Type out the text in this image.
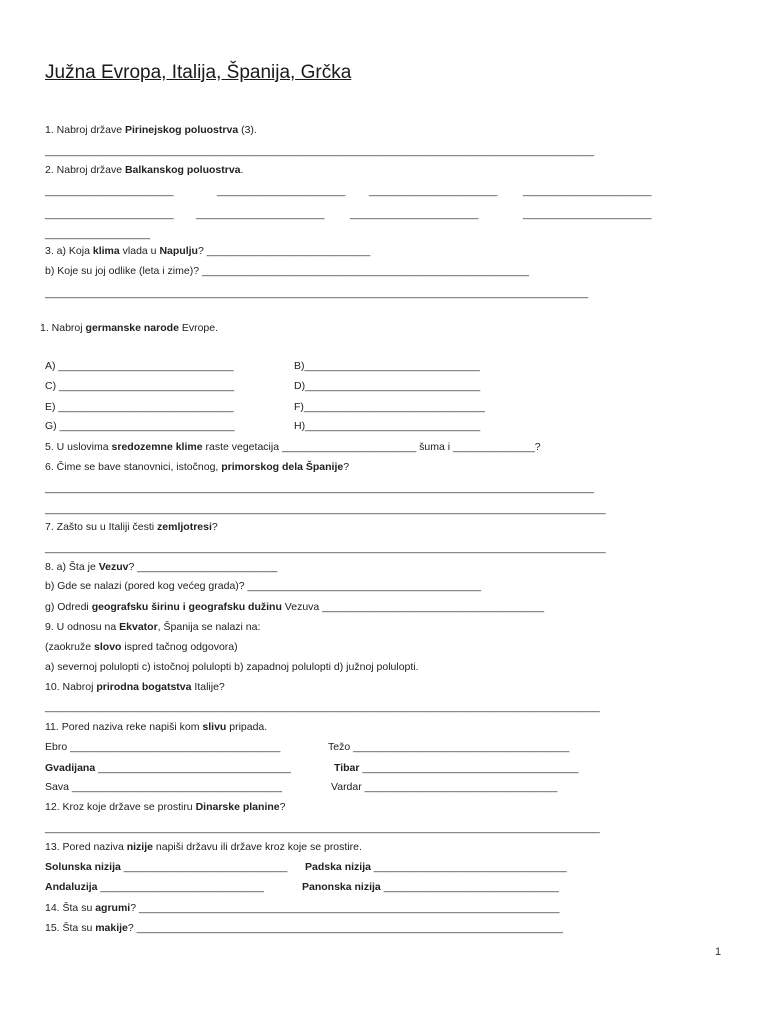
Južna Evropa, Italija, Španija, Grčka
1. Nabroj države Pirinejskog poluostrva (3).
______________________________________________________________________________________________
2. Nabroj države Balkanskog poluostrva.
______________________	______________________ ______________________ ______________________
______________________ ______________________ ______________________	______________________
__________________
3. a) Koja klima vlada u Napulju? ____________________________
b) Koje su joj odlike (leta i zime)? ________________________________________________________
_____________________________________________________________________________________________
1. Nabroj germanske narode Evrope.
A) ______________________________	B)______________________________
C) ______________________________	D)______________________________
E) ______________________________	F)_______________________________
G) ______________________________	H)______________________________
5. U uslovima sredozemne klime raste vegetacija _______________________ šuma i ______________?
6. Čime se bave stanovnici, istočnog, primorskog dela Španije?
______________________________________________________________________________________________
________________________________________________________________________________________________
7. Zašto su u Italiji česti zemljotresi?
________________________________________________________________________________________________
8. a) Šta je Vezuv? ________________________
b) Gde se nalazi (pored kog većeg grada)? ________________________________________
g) Odredi geografsku širinu i geografsku dužinu Vezuva ______________________________________
9. U odnosu na Ekvator, Španija se nalazi na:
(zaokruže slovo ispred tačnog odgovora)
a) severnoj polulopti c) istočnoj polulopti b) zapadnoj polulopti d) južnoj polulopti.
10. Nabroj prirodna bogatstva Italije?
_______________________________________________________________________________________________
11. Pored naziva reke napiši kom slivu pripada.
Ebro ____________________________________	Težo _____________________________________
Gvadijana _________________________________	Tibar _____________________________________
Sava ____________________________________	Vardar _________________________________
12. Kroz koje države se prostiru Dinarske planine?
_______________________________________________________________________________________________
13. Pored naziva nizije napiši državu ili države kroz koje se prostire.
Solunska nizija ____________________________ Padska nizija _________________________________
Andaluzija ____________________________	Panonska nizija ______________________________
14. Šta su agrumi? ________________________________________________________________________
15. Šta su makije? _________________________________________________________________________
1
